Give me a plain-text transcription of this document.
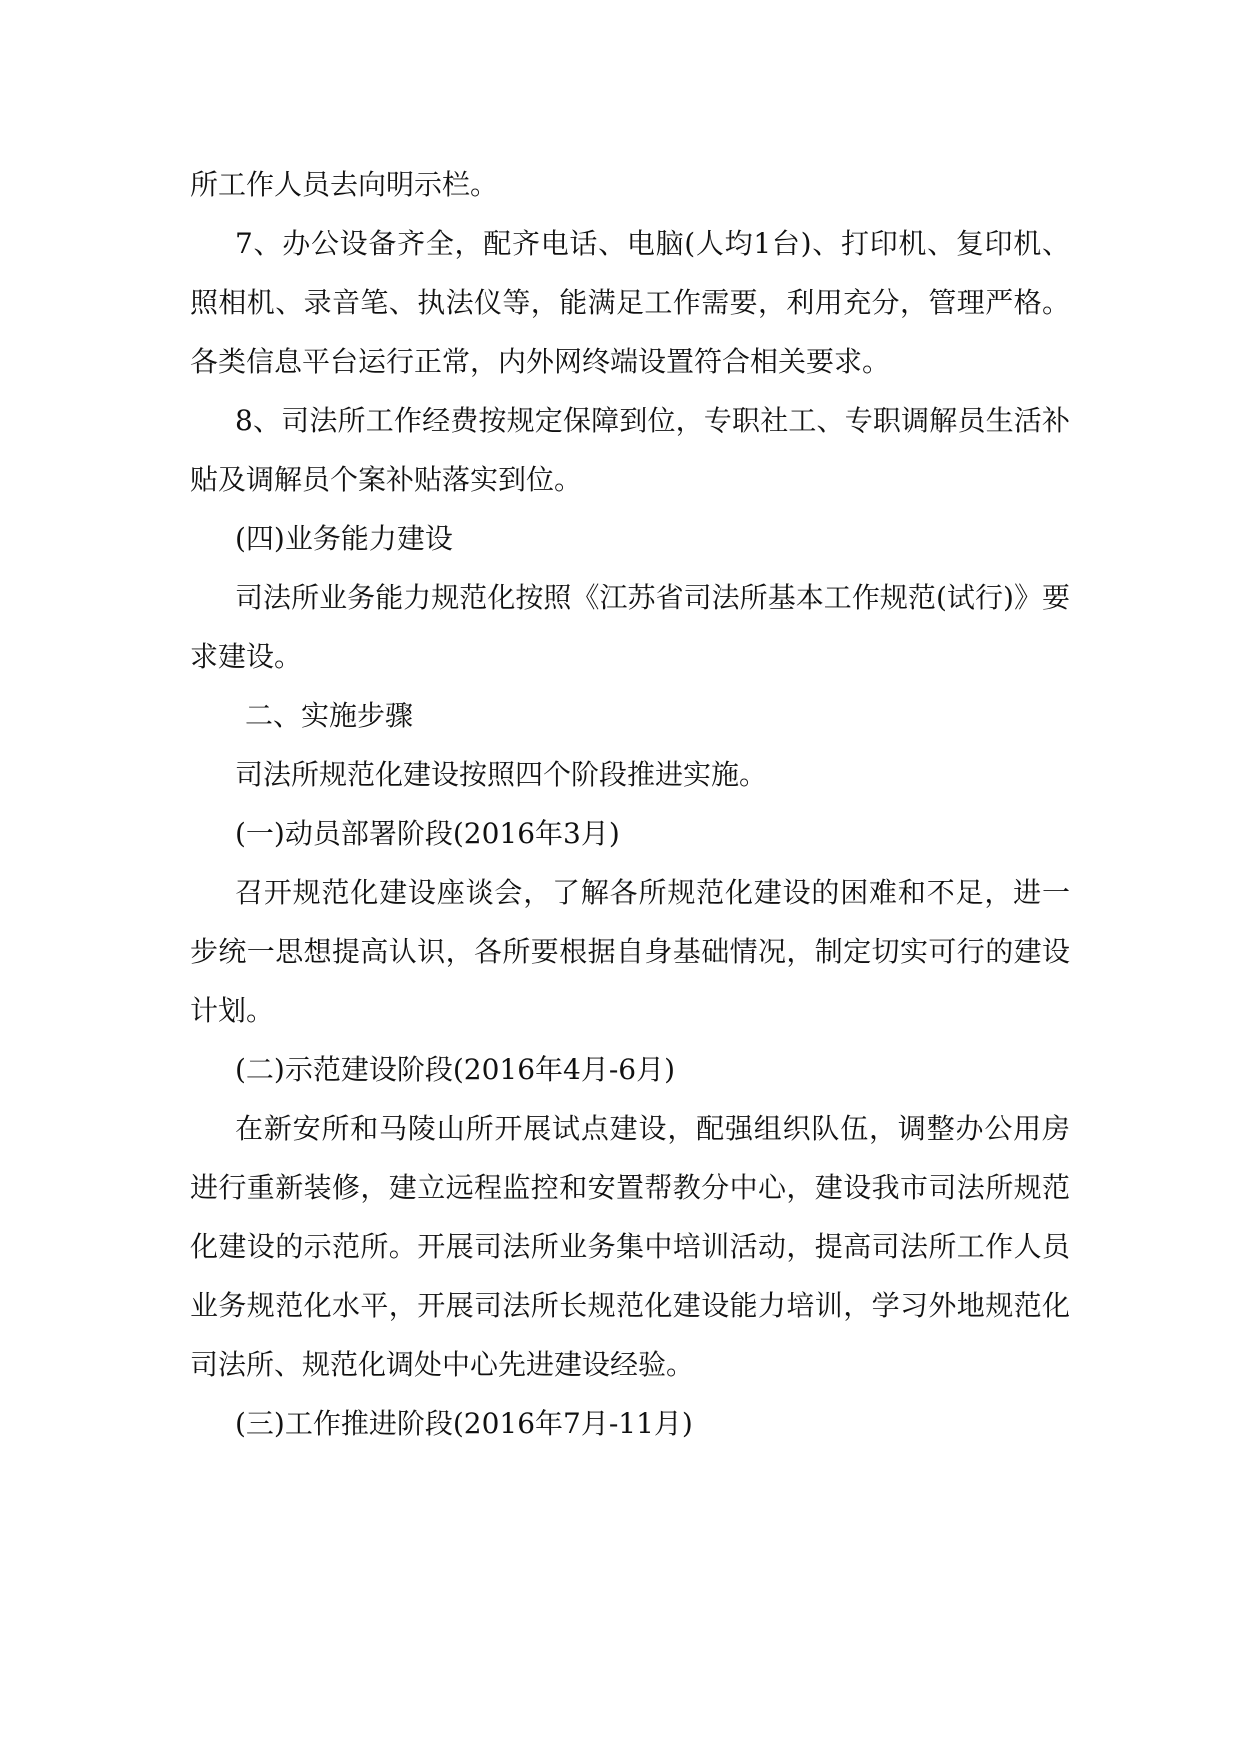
所工作人员去向明示栏。

7、办公设备齐全，配齐电话、电脑(人均1台)、打印机、复印机、照相机、录音笔、执法仪等，能满足工作需要，利用充分，管理严格。各类信息平台运行正常，内外网终端设置符合相关要求。

8、司法所工作经费按规定保障到位，专职社工、专职调解员生活补贴及调解员个案补贴落实到位。

(四)业务能力建设

司法所业务能力规范化按照《江苏省司法所基本工作规范(试行)》要求建设。

二、实施步骤

司法所规范化建设按照四个阶段推进实施。

(一)动员部署阶段(2016年3月)

召开规范化建设座谈会，了解各所规范化建设的困难和不足，进一步统一思想提高认识，各所要根据自身基础情况，制定切实可行的建设计划。

(二)示范建设阶段(2016年4月-6月)

在新安所和马陵山所开展试点建设，配强组织队伍，调整办公用房进行重新装修，建立远程监控和安置帮教分中心，建设我市司法所规范化建设的示范所。开展司法所业务集中培训活动，提高司法所工作人员业务规范化水平，开展司法所长规范化建设能力培训，学习外地规范化司法所、规范化调处中心先进建设经验。

(三)工作推进阶段(2016年7月-11月)
